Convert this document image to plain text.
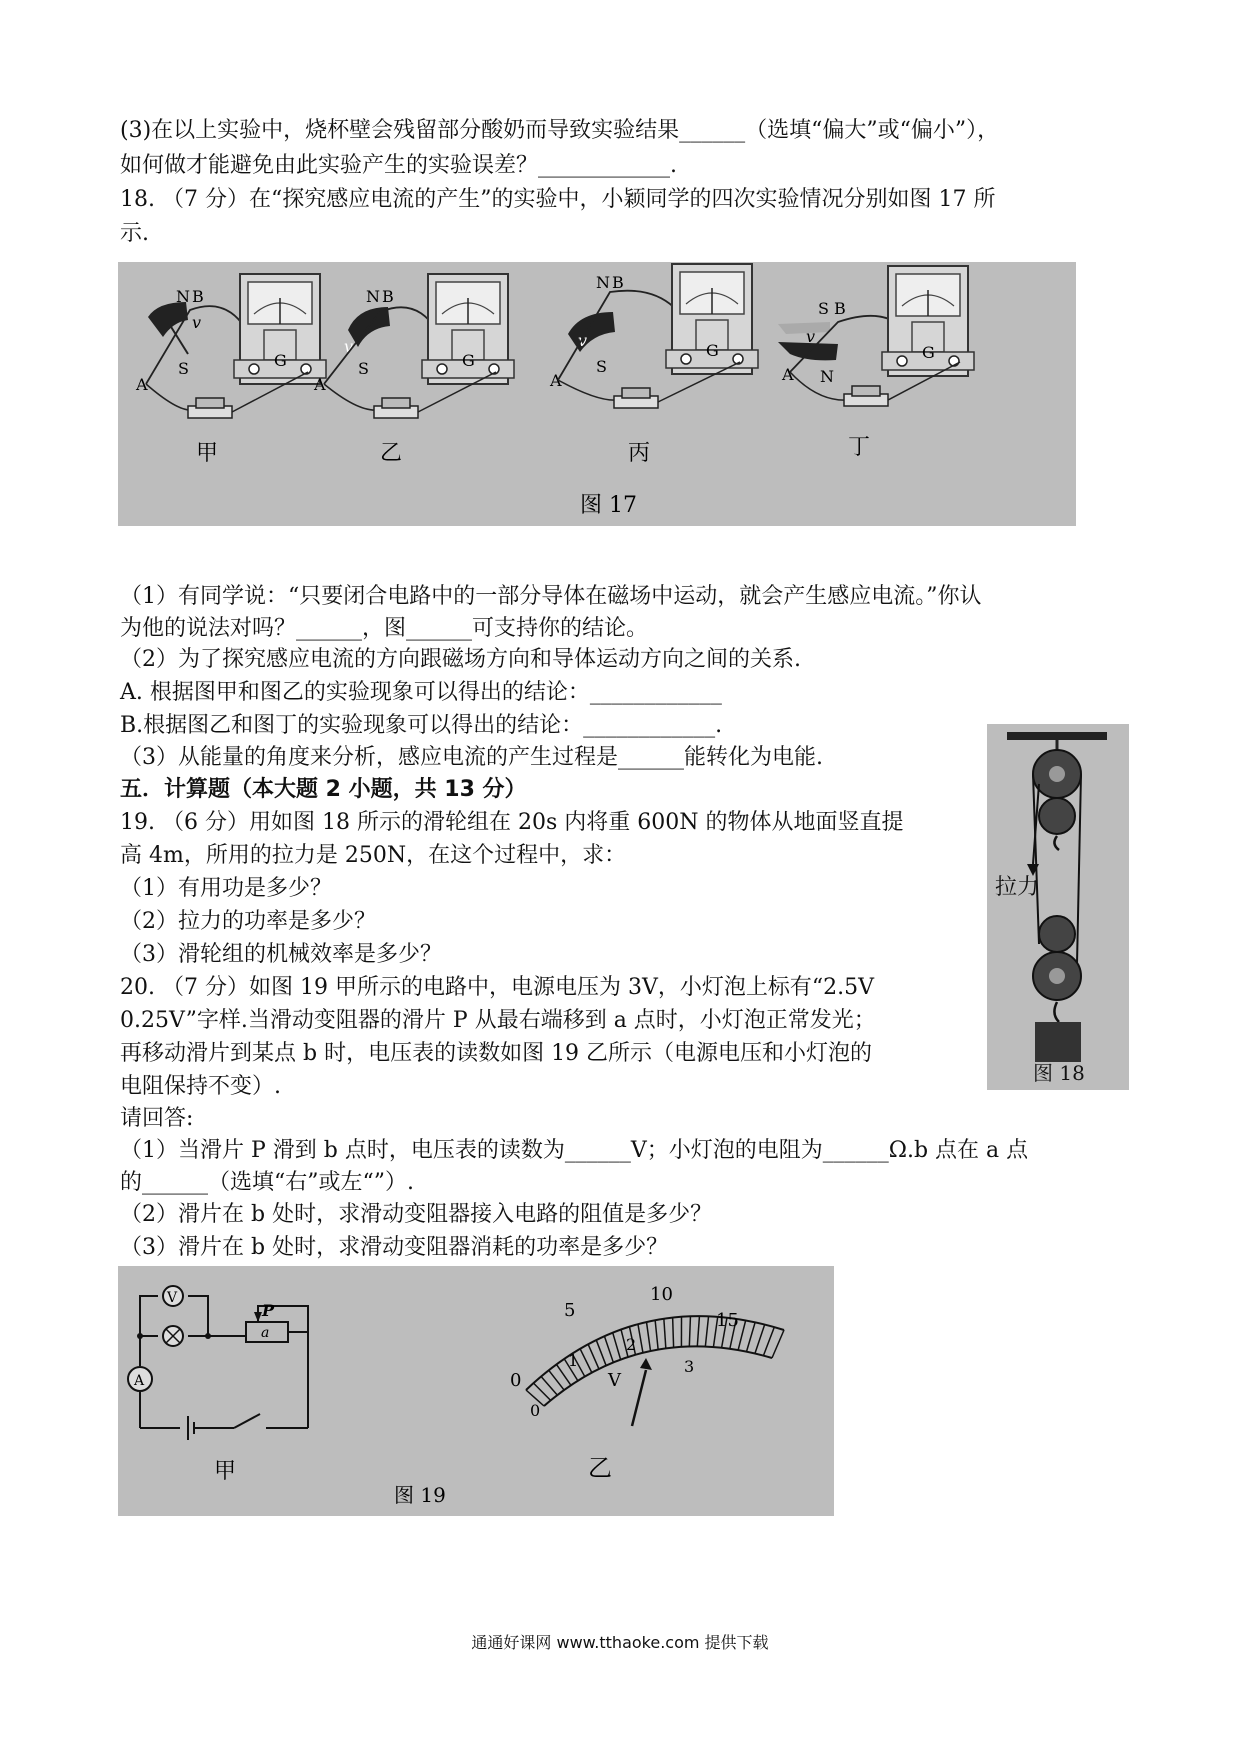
(3)在以上实验中，烧杯壁会残留部分酸奶而导致实验结果______（选填“偏大”或“偏小”），
如何做才能避免由此实验产生的实验误差？____________.
18. （7 分）在“探究感应电流的产生”的实验中，小颖同学的四次实验情况分别如图 17 所
示.
N B
S
A
v
G
甲
N B
S
A
v
G
乙
N B
S
A
v
G
丙
S B
N
A
v
G
丁
图 17
（1）有同学说：“只要闭合电路中的一部分导体在磁场中运动，就会产生感应电流。”你认
为他的说法对吗？______，图______可支持你的结论。
（2）为了探究感应电流的方向跟磁场方向和导体运动方向之间的关系.
A. 根据图甲和图乙的实验现象可以得出的结论：____________
B.根据图乙和图丁的实验现象可以得出的结论：____________.
（3）从能量的角度来分析，感应电流的产生过程是______能转化为电能.
五．计算题（本大题 2 小题，共 13 分）
19. （6 分）用如图 18 所示的滑轮组在 20s 内将重 600N 的物体从地面竖直提
高 4m，所用的拉力是 250N，在这个过程中，求：
（1）有用功是多少？
（2）拉力的功率是多少？
（3）滑轮组的机械效率是多少？
20. （7 分）如图 19 甲所示的电路中，电源电压为 3V，小灯泡上标有“2.5V
0.25V”字样.当滑动变阻器的滑片 P 从最右端移到 a 点时，小灯泡正常发光；
再移动滑片到某点 b 时，电压表的读数如图 19 乙所示（电源电压和小灯泡的
电阻保持不变）.
请回答:
（1）当滑片 P 滑到 b 点时，电压表的读数为______V；小灯泡的电阻为______Ω.b 点在 a 点
的______（选填“右”或左“”）.
（2）滑片在 b 处时，求滑动变阻器接入电路的阻值是多少？
（3）滑片在 b 处时，求滑动变阻器消耗的功率是多少？
拉力
图 18
V
A
P
a
甲
V
0
5
10
15
0
1
2
3
乙
图 19
通通好课网 www.tthaoke.com 提供下载
